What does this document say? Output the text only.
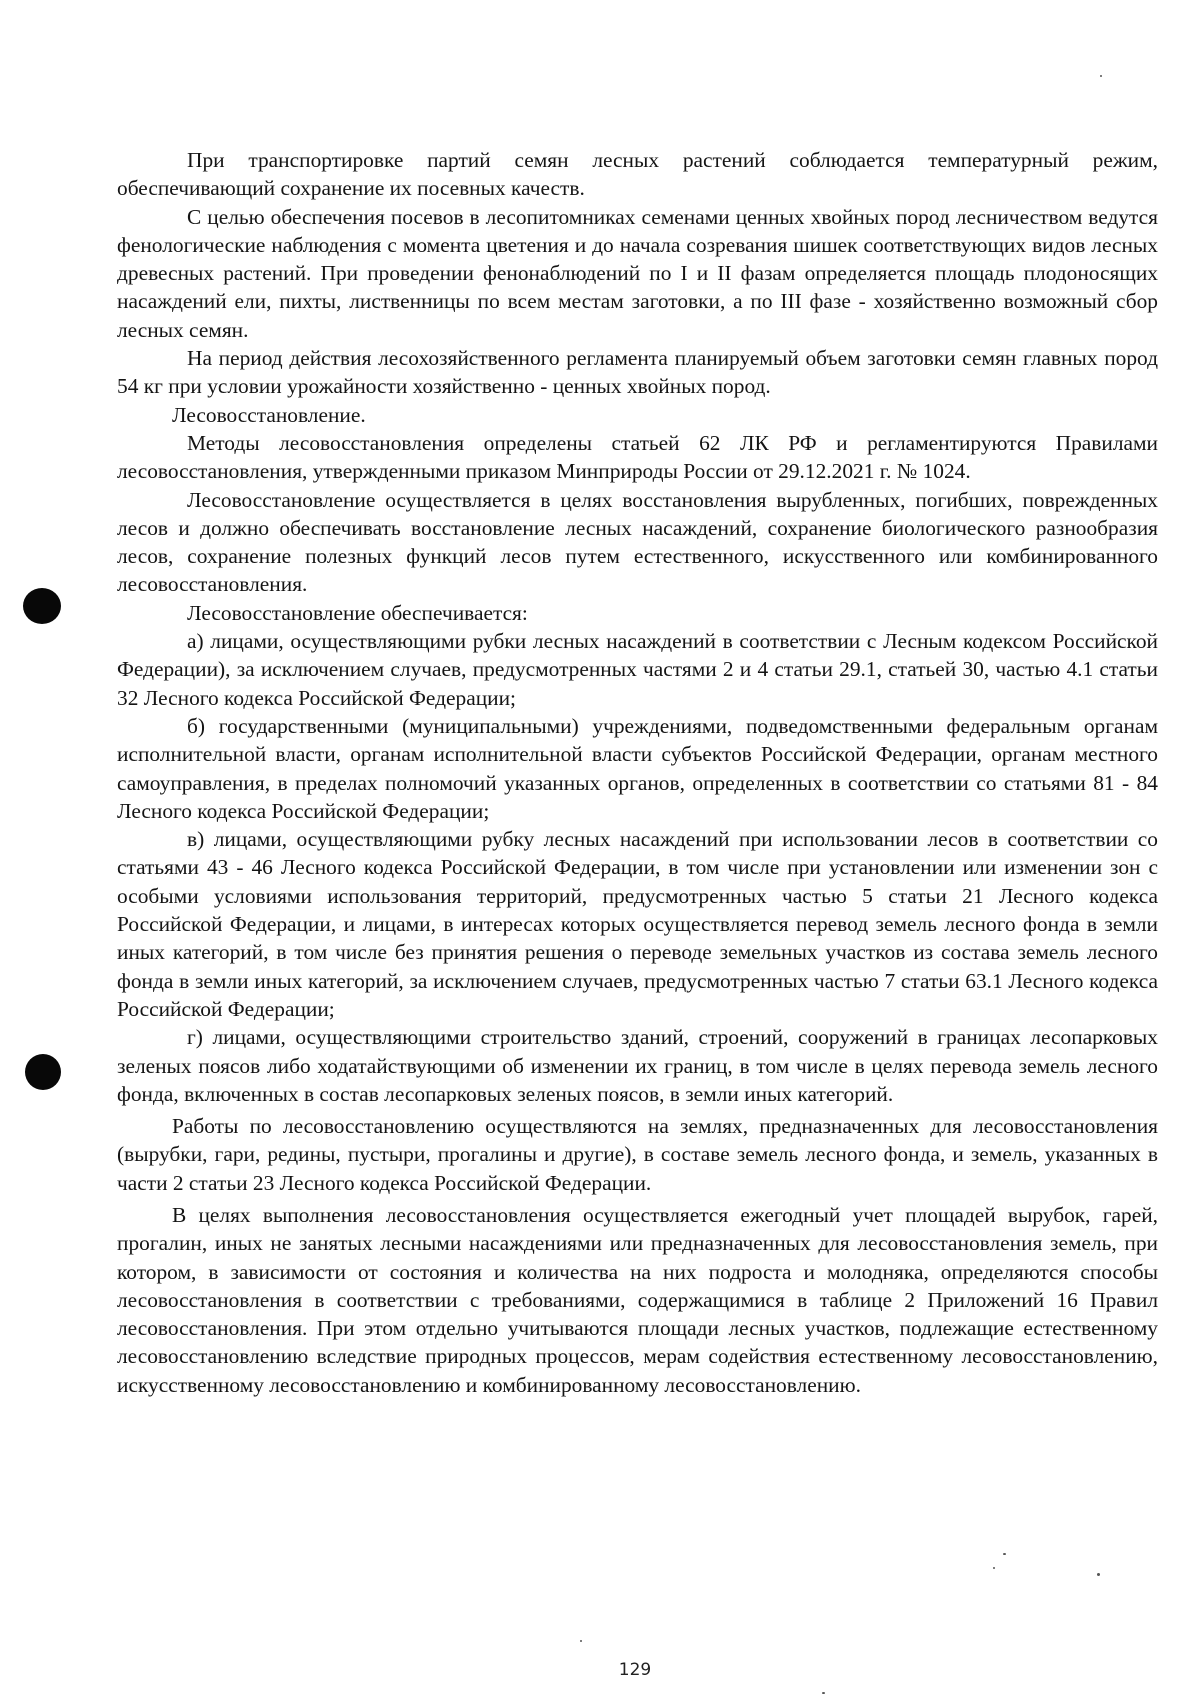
При транспортировке партий семян лесных растений соблюдается температурный режим, обеспечивающий сохранение их посевных качеств.

С целью обеспечения посевов в лесопитомниках семенами ценных хвойных пород лесничеством ведутся фенологические наблюдения с момента цветения и до начала созревания шишек соответствующих видов лесных древесных растений. При проведении фенонаблюдений по I и II фазам определяется площадь плодоносящих насаждений ели, пихты, лиственницы по всем местам заготовки, а по III фазе - хозяйственно возможный сбор лесных семян.

На период действия лесохозяйственного регламента планируемый объем заготовки семян главных пород 54 кг при условии урожайности хозяйственно - ценных хвойных пород.

Лесовосстановление.

Методы лесовосстановления определены статьей 62 ЛК РФ и регламентируются Правилами лесовосстановления, утвержденными приказом Минприроды России от 29.12.2021 г. № 1024.

Лесовосстановление осуществляется в целях восстановления вырубленных, погибших, поврежденных лесов и должно обеспечивать восстановление лесных насаждений, сохранение биологического разнообразия лесов, сохранение полезных функций лесов путем естественного, искусственного или комбинированного лесовосстановления.

Лесовосстановление обеспечивается:

а) лицами, осуществляющими рубки лесных насаждений в соответствии с Лесным кодексом Российской Федерации), за исключением случаев, предусмотренных частями 2 и 4 статьи 29.1, статьей 30, частью 4.1 статьи 32 Лесного кодекса Российской Федерации;

б) государственными (муниципальными) учреждениями, подведомственными федеральным органам исполнительной власти, органам исполнительной власти субъектов Российской Федерации, органам местного самоуправления, в пределах полномочий указанных органов, определенных в соответствии со статьями 81 - 84 Лесного кодекса Российской Федерации;

в) лицами, осуществляющими рубку лесных насаждений при использовании лесов в соответствии со статьями 43 - 46 Лесного кодекса Российской Федерации, в том числе при установлении или изменении зон с особыми условиями использования территорий, предусмотренных частью 5 статьи 21 Лесного кодекса Российской Федерации, и лицами, в интересах которых осуществляется перевод земель лесного фонда в земли иных категорий, в том числе без принятия решения о переводе земельных участков из состава земель лесного фонда в земли иных категорий, за исключением случаев, предусмотренных частью 7 статьи 63.1 Лесного кодекса Российской Федерации;

г) лицами, осуществляющими строительство зданий, строений, сооружений в границах лесопарковых зеленых поясов либо ходатайствующими об изменении их границ, в том числе в целях перевода земель лесного фонда, включенных в состав лесопарковых зеленых поясов, в земли иных категорий.

Работы по лесовосстановлению осуществляются на землях, предназначенных для лесовосстановления (вырубки, гари, редины, пустыри, прогалины и другие), в составе земель лесного фонда, и земель, указанных в части 2 статьи 23 Лесного кодекса Российской Федерации.

В целях выполнения лесовосстановления осуществляется ежегодный учет площадей вырубок, гарей, прогалин, иных не занятых лесными насаждениями или предназначенных для лесовосстановления земель, при котором, в зависимости от состояния и количества на них подроста и молодняка, определяются способы лесовосстановления в соответствии с требованиями, содержащимися в таблице 2 Приложений 16 Правил лесовосстановления. При этом отдельно учитываются площади лесных участков, подлежащие естественному лесовосстановлению вследствие природных процессов, мерам содействия естественному лесовосстановлению, искусственному лесовосстановлению и комбинированному лесовосстановлению.

129
